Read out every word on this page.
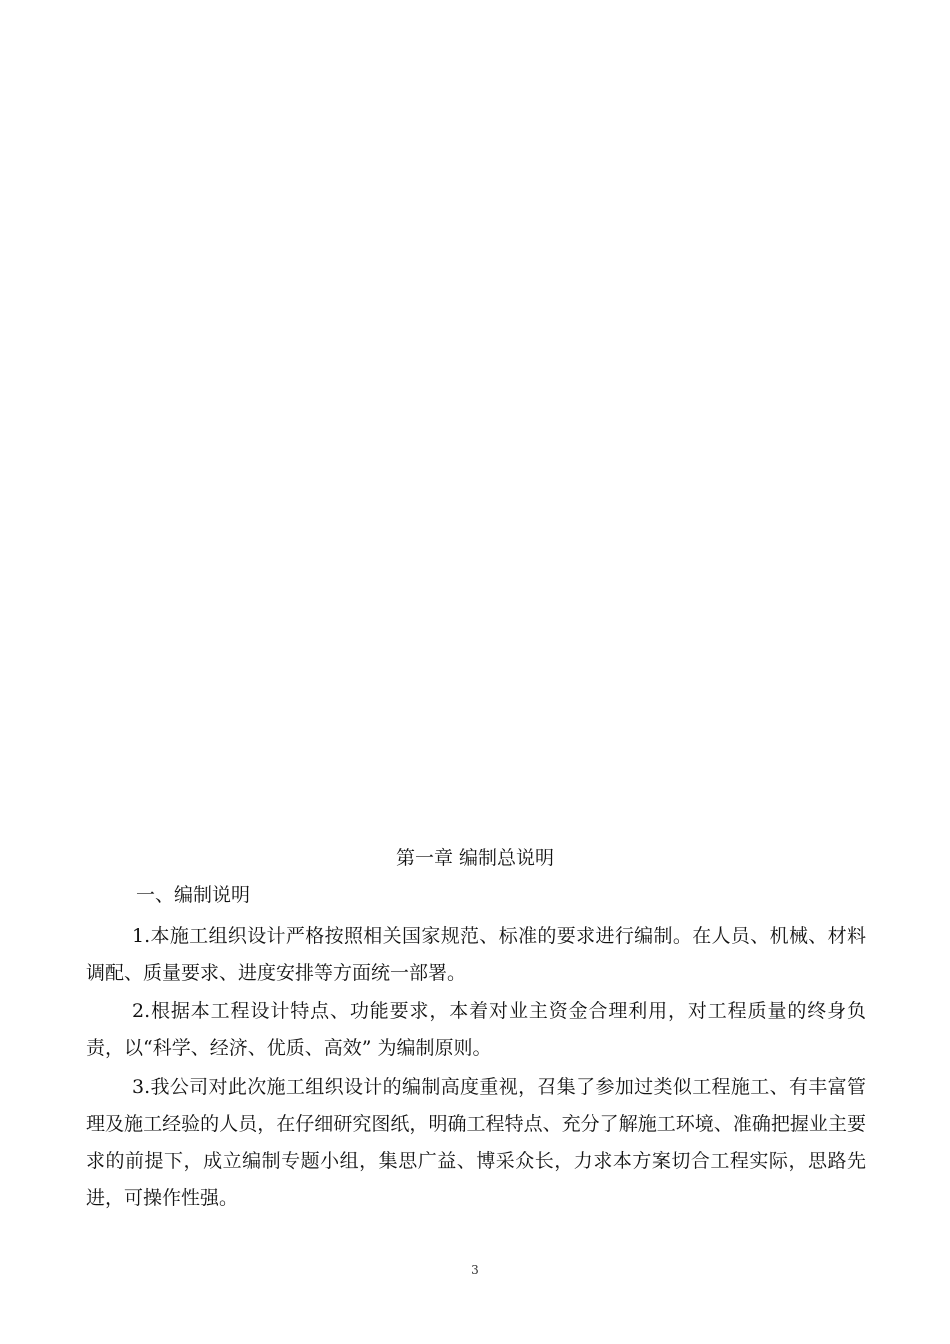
第一章 编制总说明
一、编制说明

1.本施工组织设计严格按照相关国家规范、标准的要求进行编制。在人员、机械、材料调配、质量要求、进度安排等方面统一部署。

2.根据本工程设计特点、功能要求，本着对业主资金合理利用，对工程质量的终身负责，以“科学、经济、优质、高效” 为编制原则。

3.我公司对此次施工组织设计的编制高度重视，召集了参加过类似工程施工、有丰富管理及施工经验的人员，在仔细研究图纸，明确工程特点、充分了解施工环境、准确把握业主要求的前提下，成立编制专题小组，集思广益、博采众长，力求本方案切合工程实际，思路先进，可操作性强。

3
